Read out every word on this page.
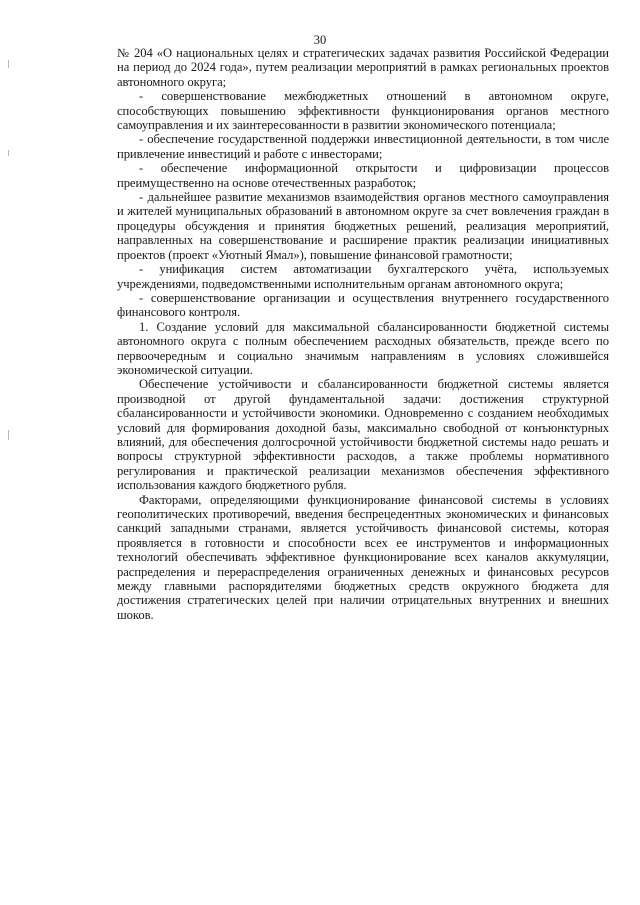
30

№ 204 «О национальных целях и стратегических задачах развития Российской Федерации на период до 2024 года», путем реализации мероприятий в рамках региональных проектов автономного округа;

- совершенствование межбюджетных отношений в автономном округе, способствующих повышению эффективности функционирования органов местного самоуправления и их заинтересованности в развитии экономического потенциала;

- обеспечение государственной поддержки инвестиционной деятельности, в том числе привлечение инвестиций и работе с инвесторами;

- обеспечение информационной открытости и цифровизации процессов преимущественно на основе отечественных разработок;

- дальнейшее развитие механизмов взаимодействия органов местного самоуправления и жителей муниципальных образований в автономном округе за счет вовлечения граждан в процедуры обсуждения и принятия бюджетных решений, реализация мероприятий, направленных на совершенствование и расширение практик реализации инициативных проектов (проект «Уютный Ямал»), повышение финансовой грамотности;

- унификация систем автоматизации бухгалтерского учёта, используемых учреждениями, подведомственными исполнительным органам автономного округа;

- совершенствование организации и осуществления внутреннего государственного финансового контроля.

1. Создание условий для максимальной сбалансированности бюджетной системы автономного округа с полным обеспечением расходных обязательств, прежде всего по первоочередным и социально значимым направлениям в условиях сложившейся экономической ситуации.

Обеспечение устойчивости и сбалансированности бюджетной системы является производной от другой фундаментальной задачи: достижения структурной сбалансированности и устойчивости экономики. Одновременно с созданием необходимых условий для формирования доходной базы, максимально свободной от конъюнктурных влияний, для обеспечения долгосрочной устойчивости бюджетной системы надо решать и вопросы структурной эффективности расходов, а также проблемы нормативного регулирования и практической реализации механизмов обеспечения эффективного использования каждого бюджетного рубля.

Факторами, определяющими функционирование финансовой системы в условиях геополитических противоречий, введения беспрецедентных экономических и финансовых санкций западными странами, является устойчивость финансовой системы, которая проявляется в готовности и способности всех ее инструментов и информационных технологий обеспечивать эффективное функционирование всех каналов аккумуляции, распределения и перераспределения ограниченных денежных и финансовых ресурсов между главными распорядителями бюджетных средств окружного бюджета для достижения стратегических целей при наличии отрицательных внутренних и внешних шоков.
